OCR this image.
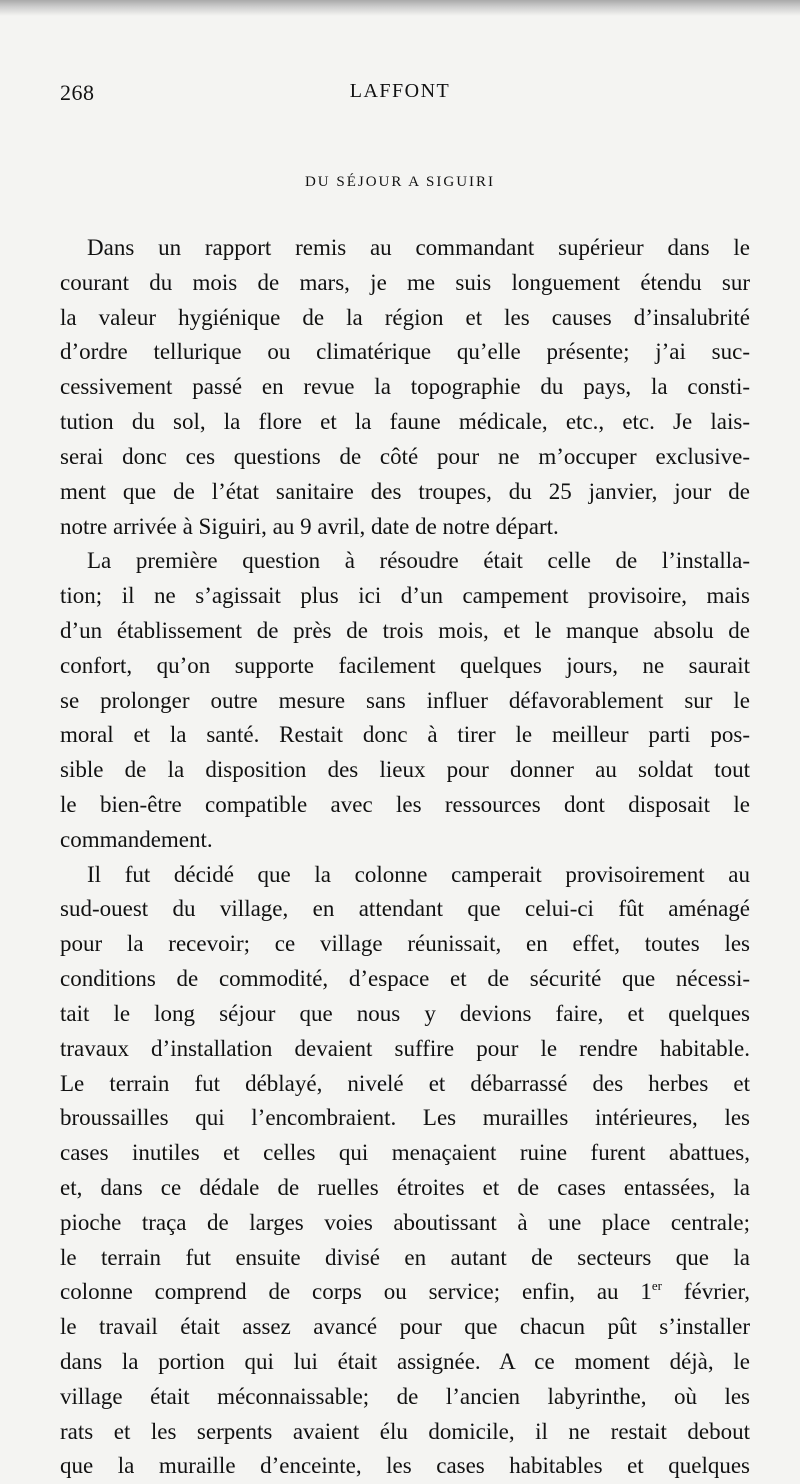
268	LAFFONT
DU SÉJOUR A SIGUIRI
Dans un rapport remis au commandant supérieur dans le
courant du mois de mars, je me suis longuement étendu sur
la valeur hygiénique de la région et les causes d’insalubrité
d’ordre tellurique ou climatérique qu’elle présente; j’ai suc-
cessivement passé en revue la topographie du pays, la consti-
tution du sol, la flore et la faune médicale, etc., etc. Je lais-
serai donc ces questions de côté pour ne m’occuper exclusive-
ment que de l’état sanitaire des troupes, du 25 janvier, jour de
notre arrivée à Siguiri, au 9 avril, date de notre départ.
La première question à résoudre était celle de l’installa-
tion; il ne s’agissait plus ici d’un campement provisoire, mais
d’un établissement de près de trois mois, et le manque absolu de
confort, qu’on supporte facilement quelques jours, ne saurait
se prolonger outre mesure sans influer défavorablement sur le
moral et la santé. Restait donc à tirer le meilleur parti pos-
sible de la disposition des lieux pour donner au soldat tout
le bien-être compatible avec les ressources dont disposait le
commandement.
Il fut décidé que la colonne camperait provisoirement au
sud-ouest du village, en attendant que celui-ci fût aménagé
pour la recevoir; ce village réunissait, en effet, toutes les
conditions de commodité, d’espace et de sécurité que nécessi-
tait le long séjour que nous y devions faire, et quelques
travaux d’installation devaient suffire pour le rendre habitable.
Le terrain fut déblayé, nivelé et débarrassé des herbes et
broussailles qui l’encombraient. Les murailles intérieures, les
cases inutiles et celles qui menaçaient ruine furent abattues,
et, dans ce dédale de ruelles étroites et de cases entassées, la
pioche traça de larges voies aboutissant à une place centrale;
le terrain fut ensuite divisé en autant de secteurs que la
colonne comprend de corps ou service; enfin, au 1er février,
le travail était assez avancé pour que chacun pût s’installer
dans la portion qui lui était assignée. A ce moment déjà, le
village était méconnaissable; de l’ancien labyrinthe, où les
rats et les serpents avaient élu domicile, il ne restait debout
que la muraille d’enceinte, les cases habitables et quelques
